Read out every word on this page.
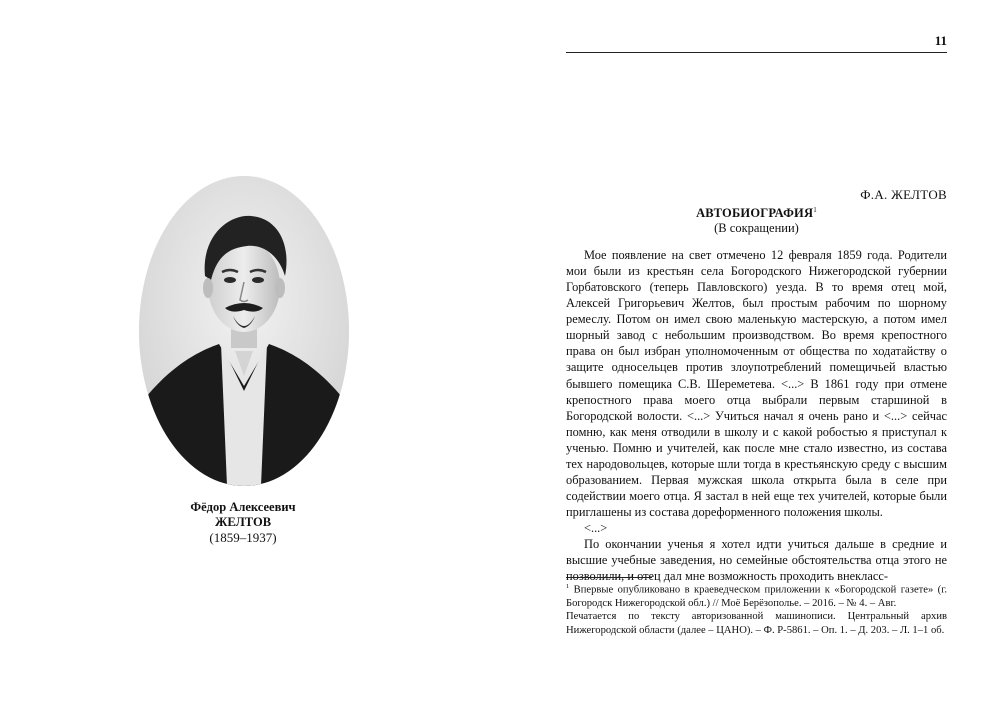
Фёдор Алексеевич
ЖЕЛТОВ
(1859–1937)
11
Ф.А. ЖЕЛТОВ
АВТОБИОГРАФИЯ$^1$
(В сокращении)

Мое появление на свет отмечено 12 февраля 1859 года. Родители мои были из крестьян села Богородского Нижегородской губернии Горбатовского (теперь Павловского) уезда. В то время отец мой, Алексей Григорьевич Желтов, был простым рабочим по шорному ремеслу. Потом он имел свою маленькую мастерскую, а потом имел шорный завод с небольшим производством. Во время крепостного права он был избран уполномоченным от общества по ходатайству о защите односельцев против злоупотреблений помещичьей властью бывшего помещика С.В. Шереметева. <...> В 1861 году при отмене крепостного права моего отца выбрали первым старшиной в Богородской волости. <...> Учиться начал я очень рано и <...> сейчас помню, как меня отводили в школу и с какой робостью я приступал к ученью. Помню и учителей, как после мне стало известно, из состава тех народовольцев, которые шли тогда в крестьянскую среду с высшим образованием. Первая мужская школа открыта была в селе при содействии моего отца. Я застал в ней еще тех учителей, которые были приглашены из состава дореформенного положения школы.

<...>

По окончании ученья я хотел идти учиться дальше в средние и высшие учебные заведения, но семейные обстоятельства отца этого не позволили, и отец дал мне возможность проходить внекласс-

$^1$ Впервые опубликовано в краеведческом приложении к «Богородской газете» (г. Богородск Нижегородской обл.) // Моё Берёзополье. – 2016. – № 4. – Авг.

Печатается по тексту авторизованной машинописи. Центральный архив Нижегородской области (далее – ЦАНО). – Ф. Р-5861. – Оп. 1. – Д. 203. – Л. 1–1 об.
